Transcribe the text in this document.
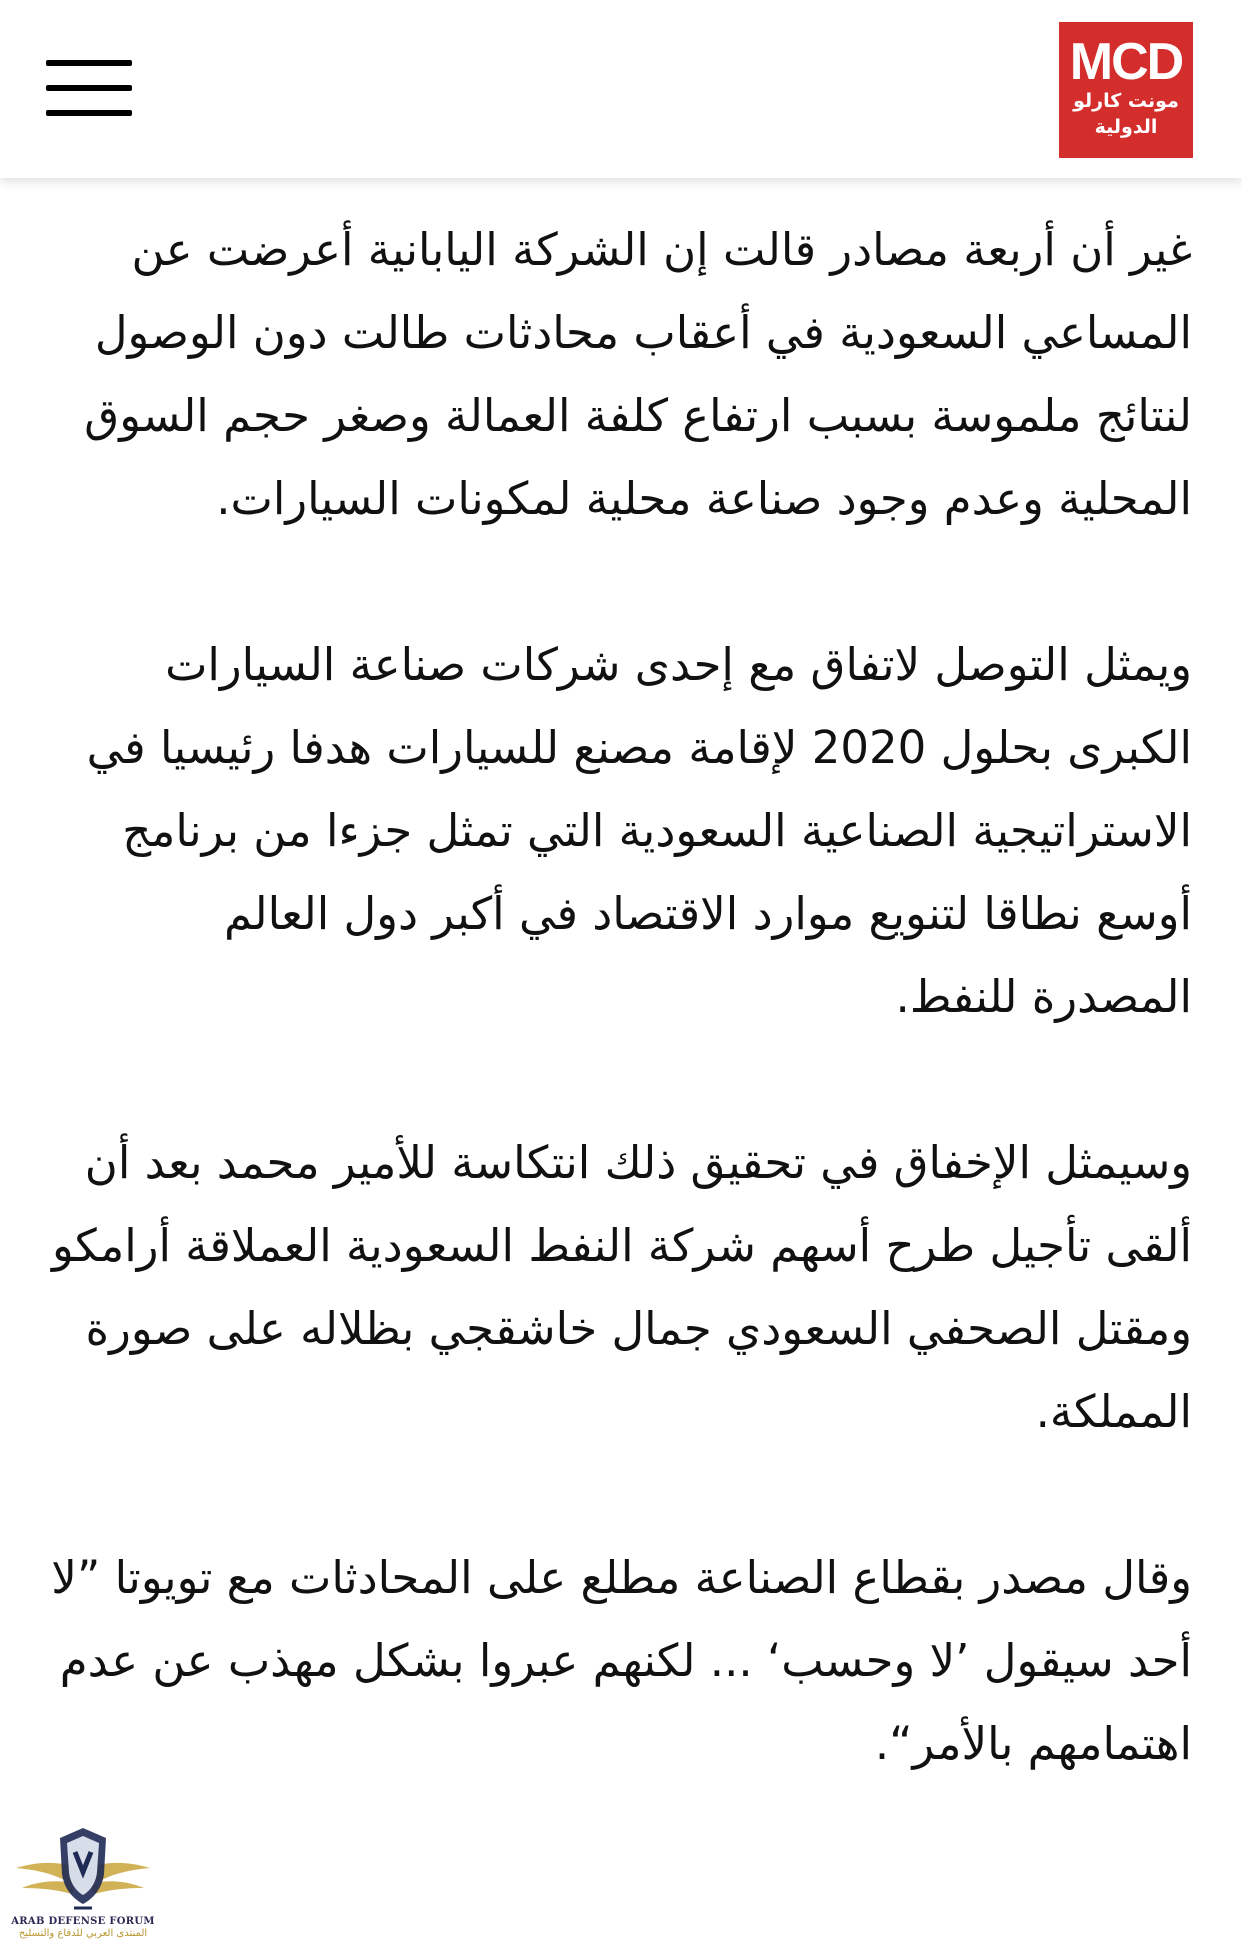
MCD
مونت كارلو
الدولية

غير أن أربعة مصادر قالت إن الشركة اليابانية أعرضت عن المساعي السعودية في أعقاب محادثات طالت دون الوصول لنتائج ملموسة بسبب ارتفاع كلفة العمالة وصغر حجم السوق المحلية وعدم وجود صناعة محلية لمكونات السيارات.

ويمثل التوصل لاتفاق مع إحدى شركات صناعة السيارات الكبرى بحلول 2020 لإقامة مصنع للسيارات هدفا رئيسيا في الاستراتيجية الصناعية السعودية التي تمثل جزءا من برنامج أوسع نطاقا لتنويع موارد الاقتصاد في أكبر دول العالم المصدرة للنفط.

وسيمثل الإخفاق في تحقيق ذلك انتكاسة للأمير محمد بعد أن ألقى تأجيل طرح أسهم شركة النفط السعودية العملاقة أرامكو ومقتل الصحفي السعودي جمال خاشقجي بظلاله على صورة المملكة.

وقال مصدر بقطاع الصناعة مطلع على المحادثات مع تويوتا ”لا أحد سيقول ’لا وحسب‘ ... لكنهم عبروا بشكل مهذب عن عدم اهتمامهم بالأمر“.

ARAB DEFENSE FORUM
المنتدى العربي للدفاع والتسليح
